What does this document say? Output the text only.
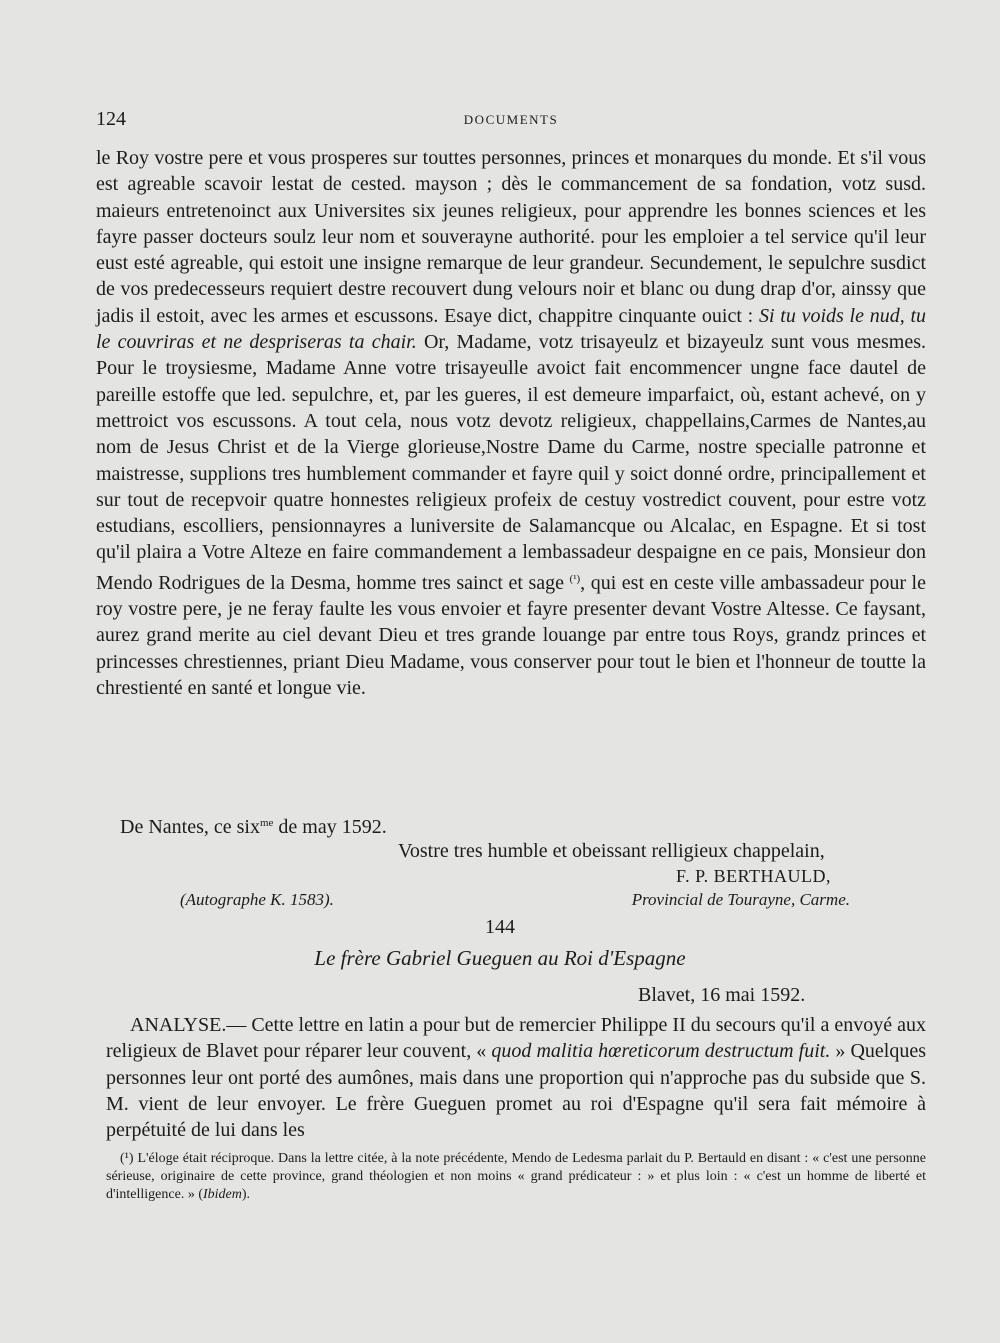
124	DOCUMENTS

le Roy vostre pere et vous prosperes sur touttes personnes, princes et monarques du monde. Et s'il vous est agreable scavoir lestat de cested. mayson ; dès le commancement de sa fondation, votz susd. maieurs entretenoinct aux Universites six jeunes religieux, pour apprendre les bonnes sciences et les fayre passer docteurs soulz leur nom et souverayne authorité. pour les emploier a tel service qu'il leur eust esté agreable, qui estoit une insigne remarque de leur grandeur. Secundement, le sepulchre susdict de vos predecesseurs requiert destre recouvert dung velours noir et blanc ou dung drap d'or, ainssy que jadis il estoit, avec les armes et escussons. Esaye dict, chappitre cinquante ouict : Si tu voids le nud, tu le couvriras et ne despriseras ta chair. Or, Madame, votz trisayeulz et bizayeulz sunt vous mesmes. Pour le troysiesme, Madame Anne votre trisayeulle avoict fait encommencer ungne face dautel de pareille estoffe que led. sepulchre, et, par les gueres, il est demeure imparfaict, où, estant achevé, on y mettroict vos escussons. A tout cela, nous votz devotz religieux, chappellains,Carmes de Nantes,au nom de Jesus Christ et de la Vierge glorieuse,Nostre Dame du Carme, nostre specialle patronne et maistresse, supplions tres humblement commander et fayre quil y soict donné ordre, principallement et sur tout de recepvoir quatre honnestes religieux profeix de cestuy vostredict couvent, pour estre votz estudians, escolliers, pensionnayres a luniversite de Salamancque ou Alcalac, en Espagne. Et si tost qu'il plaira a Votre Alteze en faire commandement a lembassadeur despaigne en ce pais, Monsieur don Mendo Rodrigues de la Desma, homme tres sainct et sage $^{(^1)}$, qui est en ceste ville ambassadeur pour le roy vostre pere, je ne feray faulte les vous envoier et fayre presenter devant Vostre Altesse. Ce faysant, aurez grand merite au ciel devant Dieu et tres grande louange par entre tous Roys, grandz princes et princesses chrestiennes, priant Dieu Madame, vous conserver pour tout le bien et l'honneur de toutte la chrestienté en santé et longue vie.

De Nantes, ce six$^{me}$ de may 1592.
Vostre tres humble et obeissant relligieux chappelain,
F. P. BERTHAULD,
(Autographe K. 1583).	Provincial de Tourayne, Carme.
144
Le frère Gabriel Gueguen au Roi d'Espagne
Blavet, 16 mai 1592.
ANALYSE.— Cette lettre en latin a pour but de remercier Philippe II du secours qu'il a envoyé aux religieux de Blavet pour réparer leur couvent, « quod malitia hœreticorum destructum fuit. » Quelques personnes leur ont porté des aumônes, mais dans une proportion qui n'approche pas du subside que S. M. vient de leur envoyer. Le frère Gueguen promet au roi d'Espagne qu'il sera fait mémoire à perpétuité de lui dans les
(¹) L'éloge était réciproque. Dans la lettre citée, à la note précédente, Mendo de Ledesma parlait du P. Bertauld en disant : « c'est une personne sérieuse, originaire de cette province, grand théologien et non moins « grand prédicateur : » et plus loin : « c'est un homme de liberté et d'intelligence. » (Ibidem).
